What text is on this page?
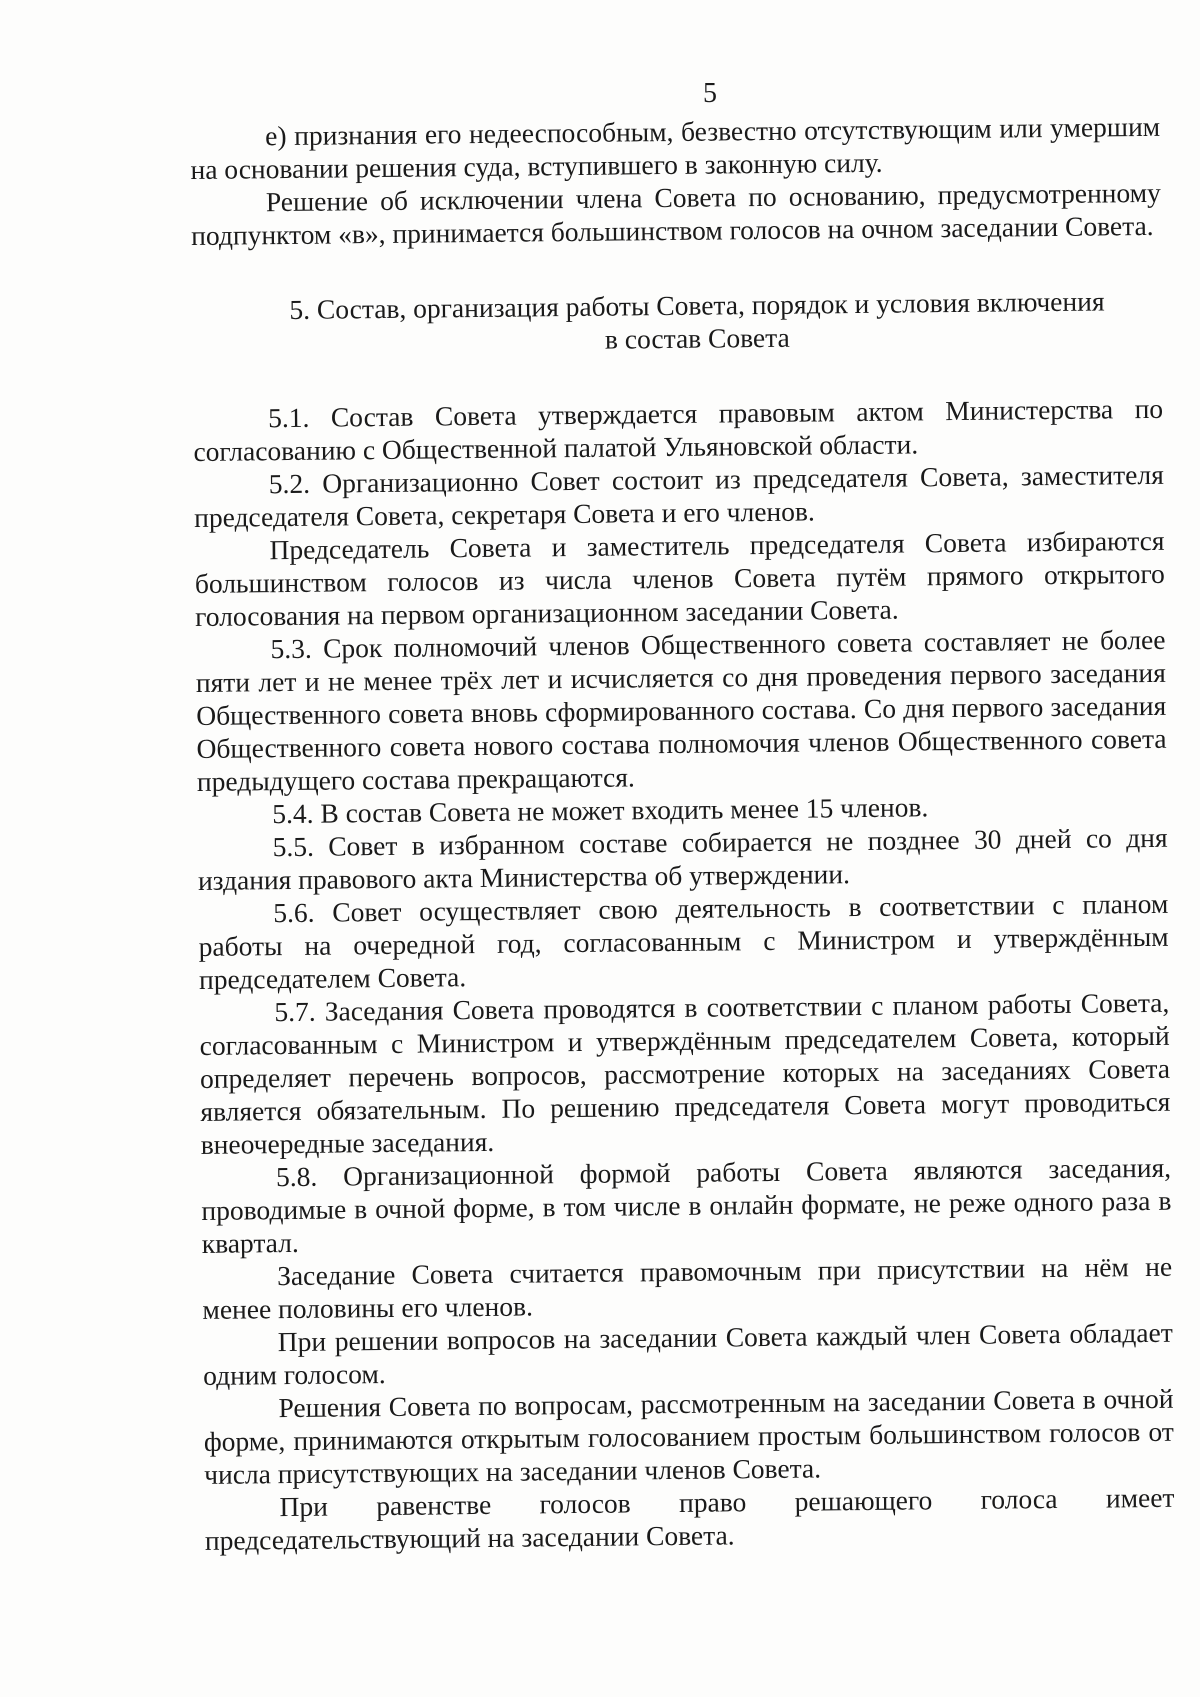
5

е) признания его недееспособным, безвестно отсутствующим или умершим на основании решения суда, вступившего в законную силу.

Решение об исключении члена Совета по основанию, предусмотренному подпунктом «в», принимается большинством голосов на очном заседании Совета.

5. Состав, организация работы Совета, порядок и условия включения
в состав Совета

5.1. Состав Совета утверждается правовым актом Министерства по согласованию с Общественной палатой Ульяновской области.

5.2. Организационно Совет состоит из председателя Совета, заместителя председателя Совета, секретаря Совета и его членов.

Председатель Совета и заместитель председателя Совета избираются большинством голосов из числа членов Совета путём прямого открытого голосования на первом организационном заседании Совета.

5.3. Срок полномочий членов Общественного совета составляет не более пяти лет и не менее трёх лет и исчисляется со дня проведения первого заседания Общественного совета вновь сформированного состава. Со дня первого заседания Общественного совета нового состава полномочия членов Общественного совета предыдущего состава прекращаются.

5.4. В состав Совета не может входить менее 15 членов.

5.5. Совет в избранном составе собирается не позднее 30 дней со дня издания правового акта Министерства об утверждении.

5.6. Совет осуществляет свою деятельность в соответствии с планом работы на очередной год, согласованным с Министром и утверждённым председателем Совета.

5.7. Заседания Совета проводятся в соответствии с планом работы Совета, согласованным с Министром и утверждённым председателем Совета, который определяет перечень вопросов, рассмотрение которых на заседаниях Совета является обязательным. По решению председателя Совета могут проводиться внеочередные заседания.

5.8. Организационной формой работы Совета являются заседания, проводимые в очной форме, в том числе в онлайн формате, не реже одного раза в квартал.

Заседание Совета считается правомочным при присутствии на нём не менее половины его членов.

При решении вопросов на заседании Совета каждый член Совета обладает одним голосом.

Решения Совета по вопросам, рассмотренным на заседании Совета в очной форме, принимаются открытым голосованием простым большинством голосов от числа присутствующих на заседании членов Совета.

При равенстве голосов право решающего голоса имеет председательствующий на заседании Совета.
